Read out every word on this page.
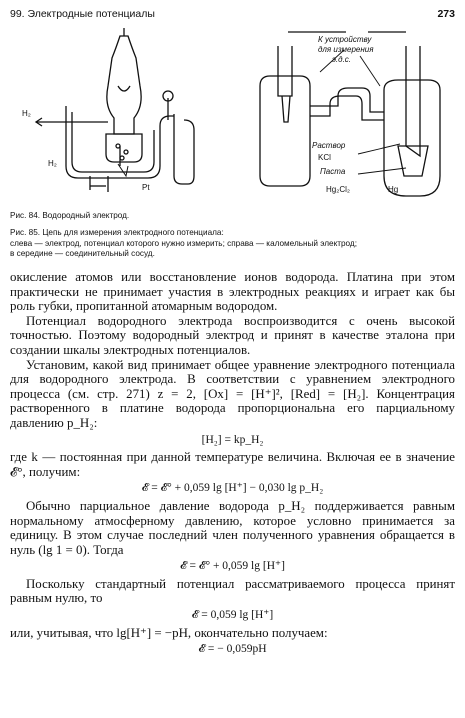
99. Электродные потенциалы	273
H₂
H₂
Pt
К устройству
для измерения
э.д.с.
Раствор
KCl
Паста
Hg₂Cl₂	Hg
Рис. 84. Водородный электрод.
Рис. 85. Цепь для измерения электродного потенциала:
слева — электрод, потенциал которого нужно измерить; справа — каломельный электрод;
в середине — соединительный сосуд.

окисление атомов или восстановление ионов водорода. Платина при этом практически не принимает участия в электродных реакциях и играет как бы роль губки, пропитанной атомарным водородом.

Потенциал водородного электрода воспроизводится с очень высокой точностью. Поэтому водородный электрод и принят в качестве эталона при создании шкалы электродных потенциалов.

Установим, какой вид принимает общее уравнение электродного потенциала для водородного электрода. В соответствии с уравнением электродного процесса (см. стр. 271) z = 2, [Ox] = [H⁺]², [Red] = [H₂]. Концентрация растворенного в платине водорода пропорциональна его парциальному давлению p_H₂:

[H₂] = kp_H₂

где k — постоянная при данной температуре величина. Включая ее в значение 𝓔°, получим:

𝓔 = 𝓔° + 0,059 lg [H⁺] − 0,030 lg p_H₂

Обычно парциальное давление водорода p_H₂ поддерживается равным нормальному атмосферному давлению, которое условно принимается за единицу. В этом случае последний член полученного уравнения обращается в нуль (lg 1 = 0). Тогда

𝓔 = 𝓔° + 0,059 lg [H⁺]

Поскольку стандартный потенциал рассматриваемого процесса принят равным нулю, то

𝓔 = 0,059 lg [H⁺]

или, учитывая, что lg[H⁺] = −pH, окончательно получаем:

𝓔 = − 0,059pH
